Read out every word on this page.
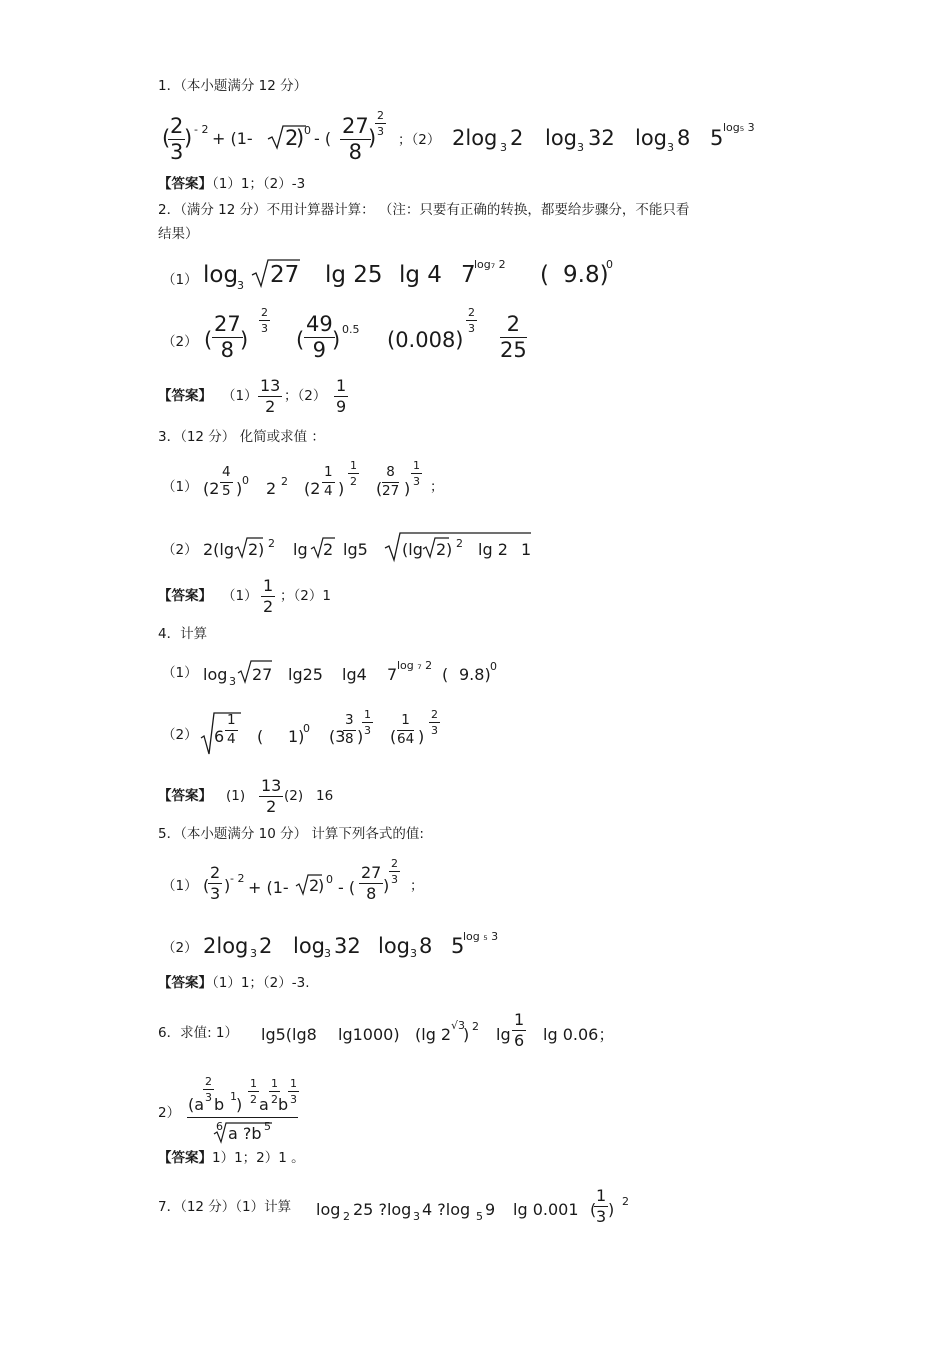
1．（本小题满分 12 分）
( 2
3
) - 2 + (1- 2
) 0 - (
27
8
)
2
3
；（2） 2log 3 2 log 3 32 log 3 8 5 log₅ 3
【答案】（1）1；（2）-3
2．（满分 12 分）不用计算器计算： （注：只要有正确的转换，都要给步骤分，不能只看
结果）
（1） log
3 27 lg 25 lg 4 7
log₇ 2 ( 9.8)
0
（2） (
27
8 )
2
3 (
49
9 ) 0.5 (0.008)
2
3	2
25
【答案】 （1）
13
2
；（2）
1
9
3．（12 分） 化简或求值 ：
（1） (2
4
5 ) 0 2 2 (2
1
4 )
1
2 (
8
27 )
1
3 ；
（2） 2(lg 2 ) 2 lg 2 lg5 (lg 2 ) 2 lg 2 1
【答案】 （1）
1
2
；（2）1
4．计算
（1） log 3 27 lg25 lg4 7 log ₇ 2 ( 9.8) 0
（2） 6
1
4 ( 1)
0 (3
3
8 )
1
3 (
1
64 )
2
3
【答案】 (1)
13
2
(2) 16
5．（本小题满分 10 分） 计算下列各式的值:
（1） (
2
3 ) - 2 + (1- 2
) 0 - (
27
8 )
2
3 ；
（2） 2log 3 2 log
3 32 log 3 8 5
log ₅ 3
【答案】（1）1；（2）-3.
6．求值: 1） lg5(lg8 lg1000) (lg 2 √3
) 2 lg
1
6 lg 0.06；
2） (a
2
3 b 1 )
1
2 a
1
2 b
1
3
6 a ?b 5
【答案】1）1；2）1 。
7．（12 分）（1）计算 log 2 25 ?log 3 4 ?log 5 9 lg 0.001 (
1
3 ) 2
